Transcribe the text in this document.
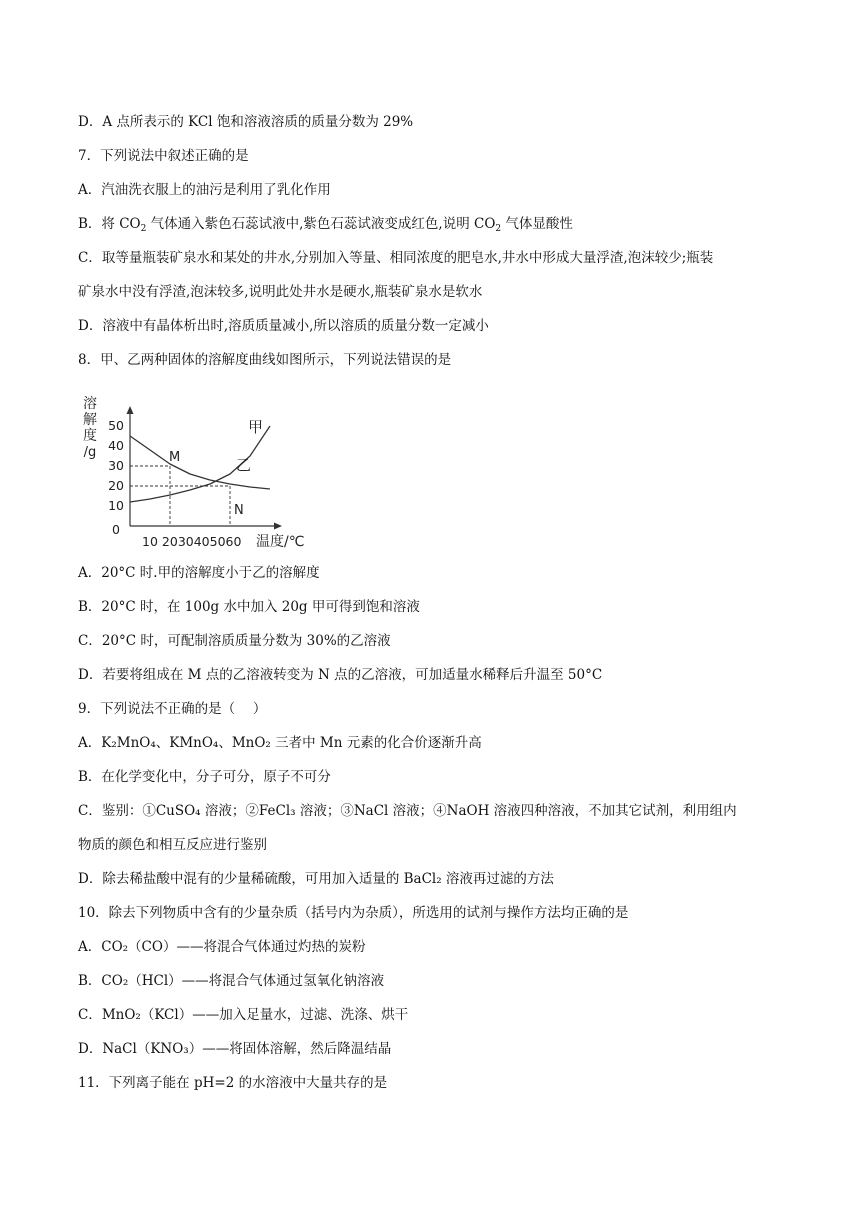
D．A 点所表示的 KCl 饱和溶液溶质的质量分数为 29%
7．下列说法中叙述正确的是
A．汽油洗衣服上的油污是利用了乳化作用
B．将 $CO_2$ 气体通入紫色石蕊试液中,紫色石蕊试液变成红色,说明 $CO_2$ 气体显酸性
C．取等量瓶装矿泉水和某处的井水,分别加入等量、相同浓度的肥皂水,井水中形成大量浮渣,泡沫较少;瓶装
矿泉水中没有浮渣,泡沫较多,说明此处井水是硬水,瓶装矿泉水是软水
D．溶液中有晶体析出时,溶质质量减小,所以溶质的质量分数一定减小
8．甲、乙两种固体的溶解度曲线如图所示，下列说法错误的是
溶
解
度
/g
0
10
20
30
40
50
10 2030405060
甲
乙
M
N
温度/℃
A．20°C 时.甲的溶解度小于乙的溶解度
B．20°C 时，在 100g 水中加入 20g 甲可得到饱和溶液
C．20°C 时，可配制溶质质量分数为 30%的乙溶液
D．若要将组成在 M 点的乙溶液转变为 N 点的乙溶液，可加适量水稀释后升温至 50°C
9．下列说法不正确的是（　 ）
A．K₂MnO₄、KMnO₄、MnO₂ 三者中 Mn 元素的化合价逐渐升高
B．在化学变化中，分子可分，原子不可分
C．鉴别：①CuSO₄ 溶液；②FeCl₃ 溶液；③NaCl 溶液；④NaOH 溶液四种溶液，不加其它试剂，利用组内
物质的颜色和相互反应进行鉴别
D．除去稀盐酸中混有的少量稀硫酸，可用加入适量的 BaCl₂ 溶液再过滤的方法
10．除去下列物质中含有的少量杂质（括号内为杂质），所选用的试剂与操作方法均正确的是
A．CO₂（CO）——将混合气体通过灼热的炭粉
B．CO₂（HCl）——将混合气体通过氢氧化钠溶液
C．MnO₂（KCl）——加入足量水，过滤、洗涤、烘干
D．NaCl（KNO₃）——将固体溶解，然后降温结晶
11．下列离子能在 pH=2 的水溶液中大量共存的是
